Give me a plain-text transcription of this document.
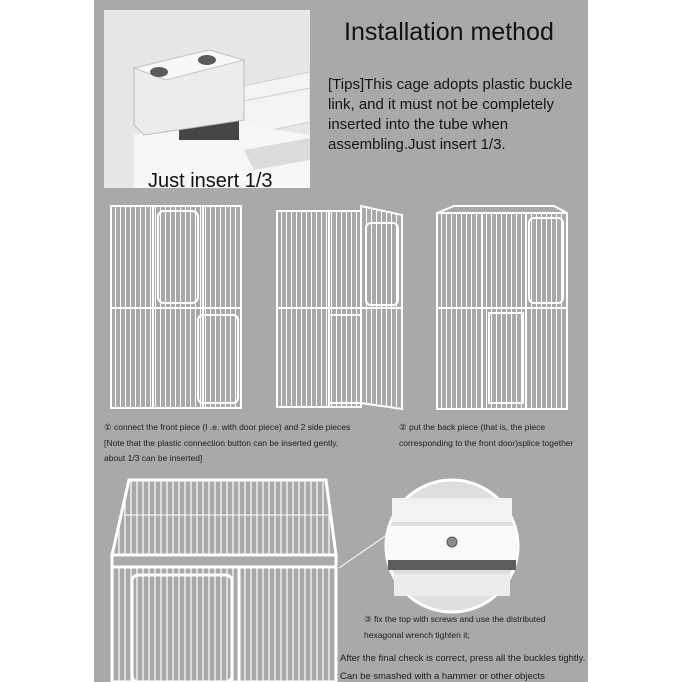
Just insert 1/3
Installation method
[Tips]This cage adopts plastic buckle link, and it must not be completely inserted into the tube when assembling.Just insert 1/3.
① connect the front piece (I .e. with door piece) and 2 side pieces
[Note that the plastic connection button can be inserted gently,
about 1/3 can be inserted]
② put the back piece (that is, the piece
corresponding to the front door)splice together
③ fix the top with screws and use the distributed
hexagonal wrench tighten it;
After the final check is correct, press all the buckles tightly.
Can be smashed with a hammer or other objects
